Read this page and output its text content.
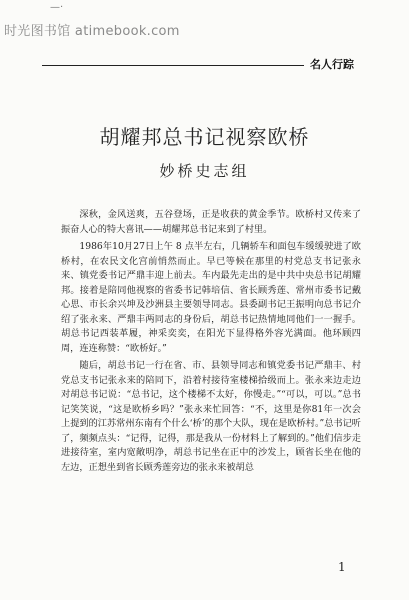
—·
时光图书馆 atimebook.com
名人行踪
胡耀邦总书记视察欧桥
妙桥史志组

深秋，金风送爽，五谷登场，正是收获的黄金季节。欧桥村又传来了振奋人心的特大喜讯——胡耀邦总书记来到了村里。

1986年10月27日上午 8 点半左右，几辆轿车和面包车缓缓驶进了欧桥村，在农民文化宫前悄然而止。早已等候在那里的村党总支书记张永来、镇党委书记严鼎丰迎上前去。车内最先走出的是中共中央总书记胡耀邦。接着是陪同他视察的省委书记韩培信、省长顾秀莲、常州市委书记戴心思、市长余兴坤及沙洲县主要领导同志。县委副书记王振明向总书记介绍了张永来、严鼎丰两同志的身份后，胡总书记热情地同他们一一握手。胡总书记西装革履，神采奕奕，在阳光下显得格外容光满面。他环顾四周，连连称赞：“欧桥好。”

随后，胡总书记一行在省、市、县领导同志和镇党委书记严鼎丰、村党总支书记张永来的陪同下，沿着村接待室楼梯拾级而上。张永来边走边对胡总书记说：“总书记，这个楼梯不太好，你慢走。”“可以，可以。”总书记笑笑说，“这是欧桥乡吗？”张永来忙回答：“不，这里是你81年一次会上提到的江苏常州东南有个什么‘桥’的那个大队，现在是欧桥村。”总书记听了，频频点头：“记得，记得，那是我从一份材料上了解到的。”他们信步走进接待室，室内宽敞明净，胡总书记坐在正中的沙发上，顾省长坐在他的左边，正想坐到省长顾秀莲旁边的张永来被胡总

1
